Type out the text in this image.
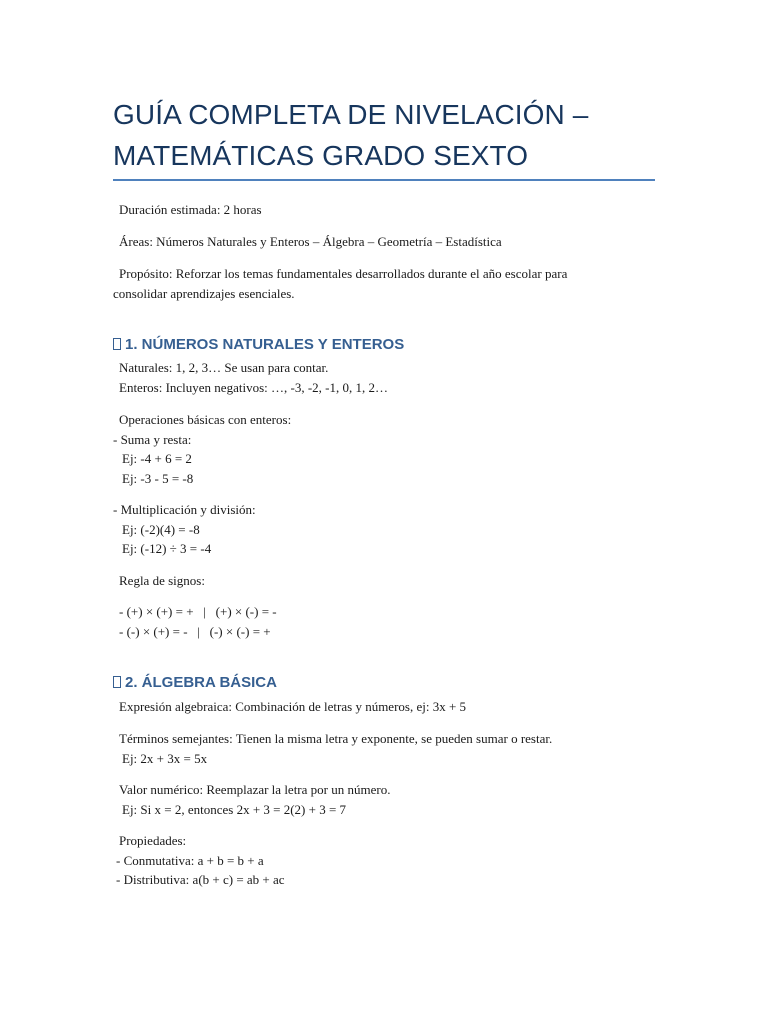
GUÍA COMPLETA DE NIVELACIÓN –
MATEMÁTICAS GRADO SEXTO
Duración estimada: 2 horas
Áreas: Números Naturales y Enteros – Álgebra – Geometría – Estadística
Propósito: Reforzar los temas fundamentales desarrollados durante el año escolar para
consolidar aprendizajes esenciales.
1. NÚMEROS NATURALES Y ENTEROS
Naturales: 1, 2, 3… Se usan para contar.
Enteros: Incluyen negativos: …, -3, -2, -1, 0, 1, 2…
Operaciones básicas con enteros:
- Suma y resta:
Ej: -4 + 6 = 2
Ej: -3 - 5 = -8
- Multiplicación y división:
Ej: (-2)(4) = -8
Ej: (-12) ÷ 3 = -4
Regla de signos:
- (+) × (+) = +   |   (+) × (-) = -
- (-) × (+) = -   |   (-) × (-) = +
2. ÁLGEBRA BÁSICA
Expresión algebraica: Combinación de letras y números, ej: 3x + 5
Términos semejantes: Tienen la misma letra y exponente, se pueden sumar o restar.
Ej: 2x + 3x = 5x
Valor numérico: Reemplazar la letra por un número.
Ej: Si x = 2, entonces 2x + 3 = 2(2) + 3 = 7
Propiedades:
- Conmutativa: a + b = b + a
- Distributiva: a(b + c) = ab + ac
